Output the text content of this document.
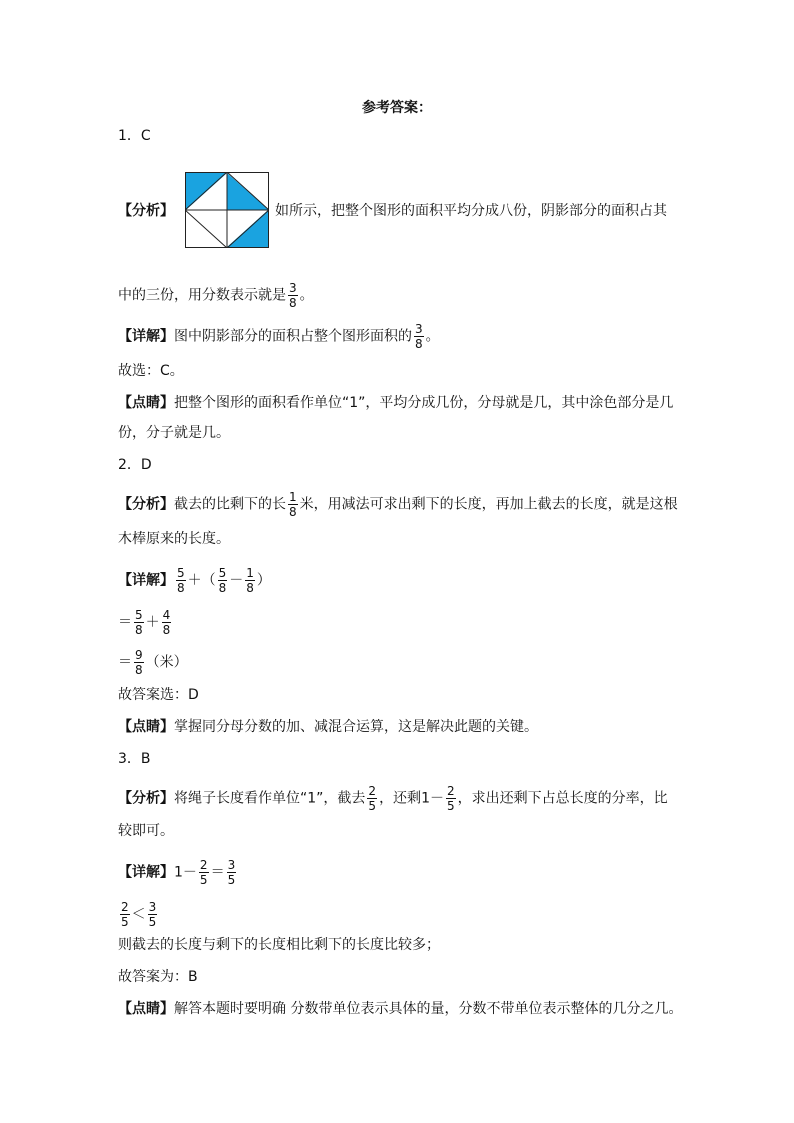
参考答案：
1．C
【分析】	如所示，把整个图形的面积平均分成八份，阴影部分的面积占其
中的三份，用分数表示就是 $\frac{3}{8}$ 。
【详解】图中阴影部分的面积占整个图形面积的 $\frac{3}{8}$ 。
故选：C。
【点睛】把整个图形的面积看作单位“1”，平均分成几份，分母就是几，其中涂色部分是几
份，分子就是几。
2．D
【分析】截去的比剩下的长 $\frac{1}{8}$ 米，用减法可求出剩下的长度，再加上截去的长度，就是这根
木棒原来的长度。
【详解】 $\frac{5}{8}$ ＋（ $\frac{5}{8} - \frac{1}{8}$ ）
＝ $\frac{5}{8} + \frac{4}{8}$
＝ $\frac{9}{8}$ （米）
故答案选：D
【点睛】掌握同分母分数的加、减混合运算，这是解决此题的关键。
3．B
【分析】将绳子长度看作单位“1”，截去 $\frac{2}{5}$ ，还剩$1- \frac{2}{5}$ ，求出还剩下占总长度的分率，比
较即可。
【详解】$1- \frac{2}{5} = \frac{3}{5}$
$\frac{2}{5} < \frac{3}{5}$
则截去的长度与剩下的长度相比剩下的长度比较多；
故答案为：B
【点睛】解答本题时要明确 分数带单位表示具体的量，分数不带单位表示整体的几分之几。
